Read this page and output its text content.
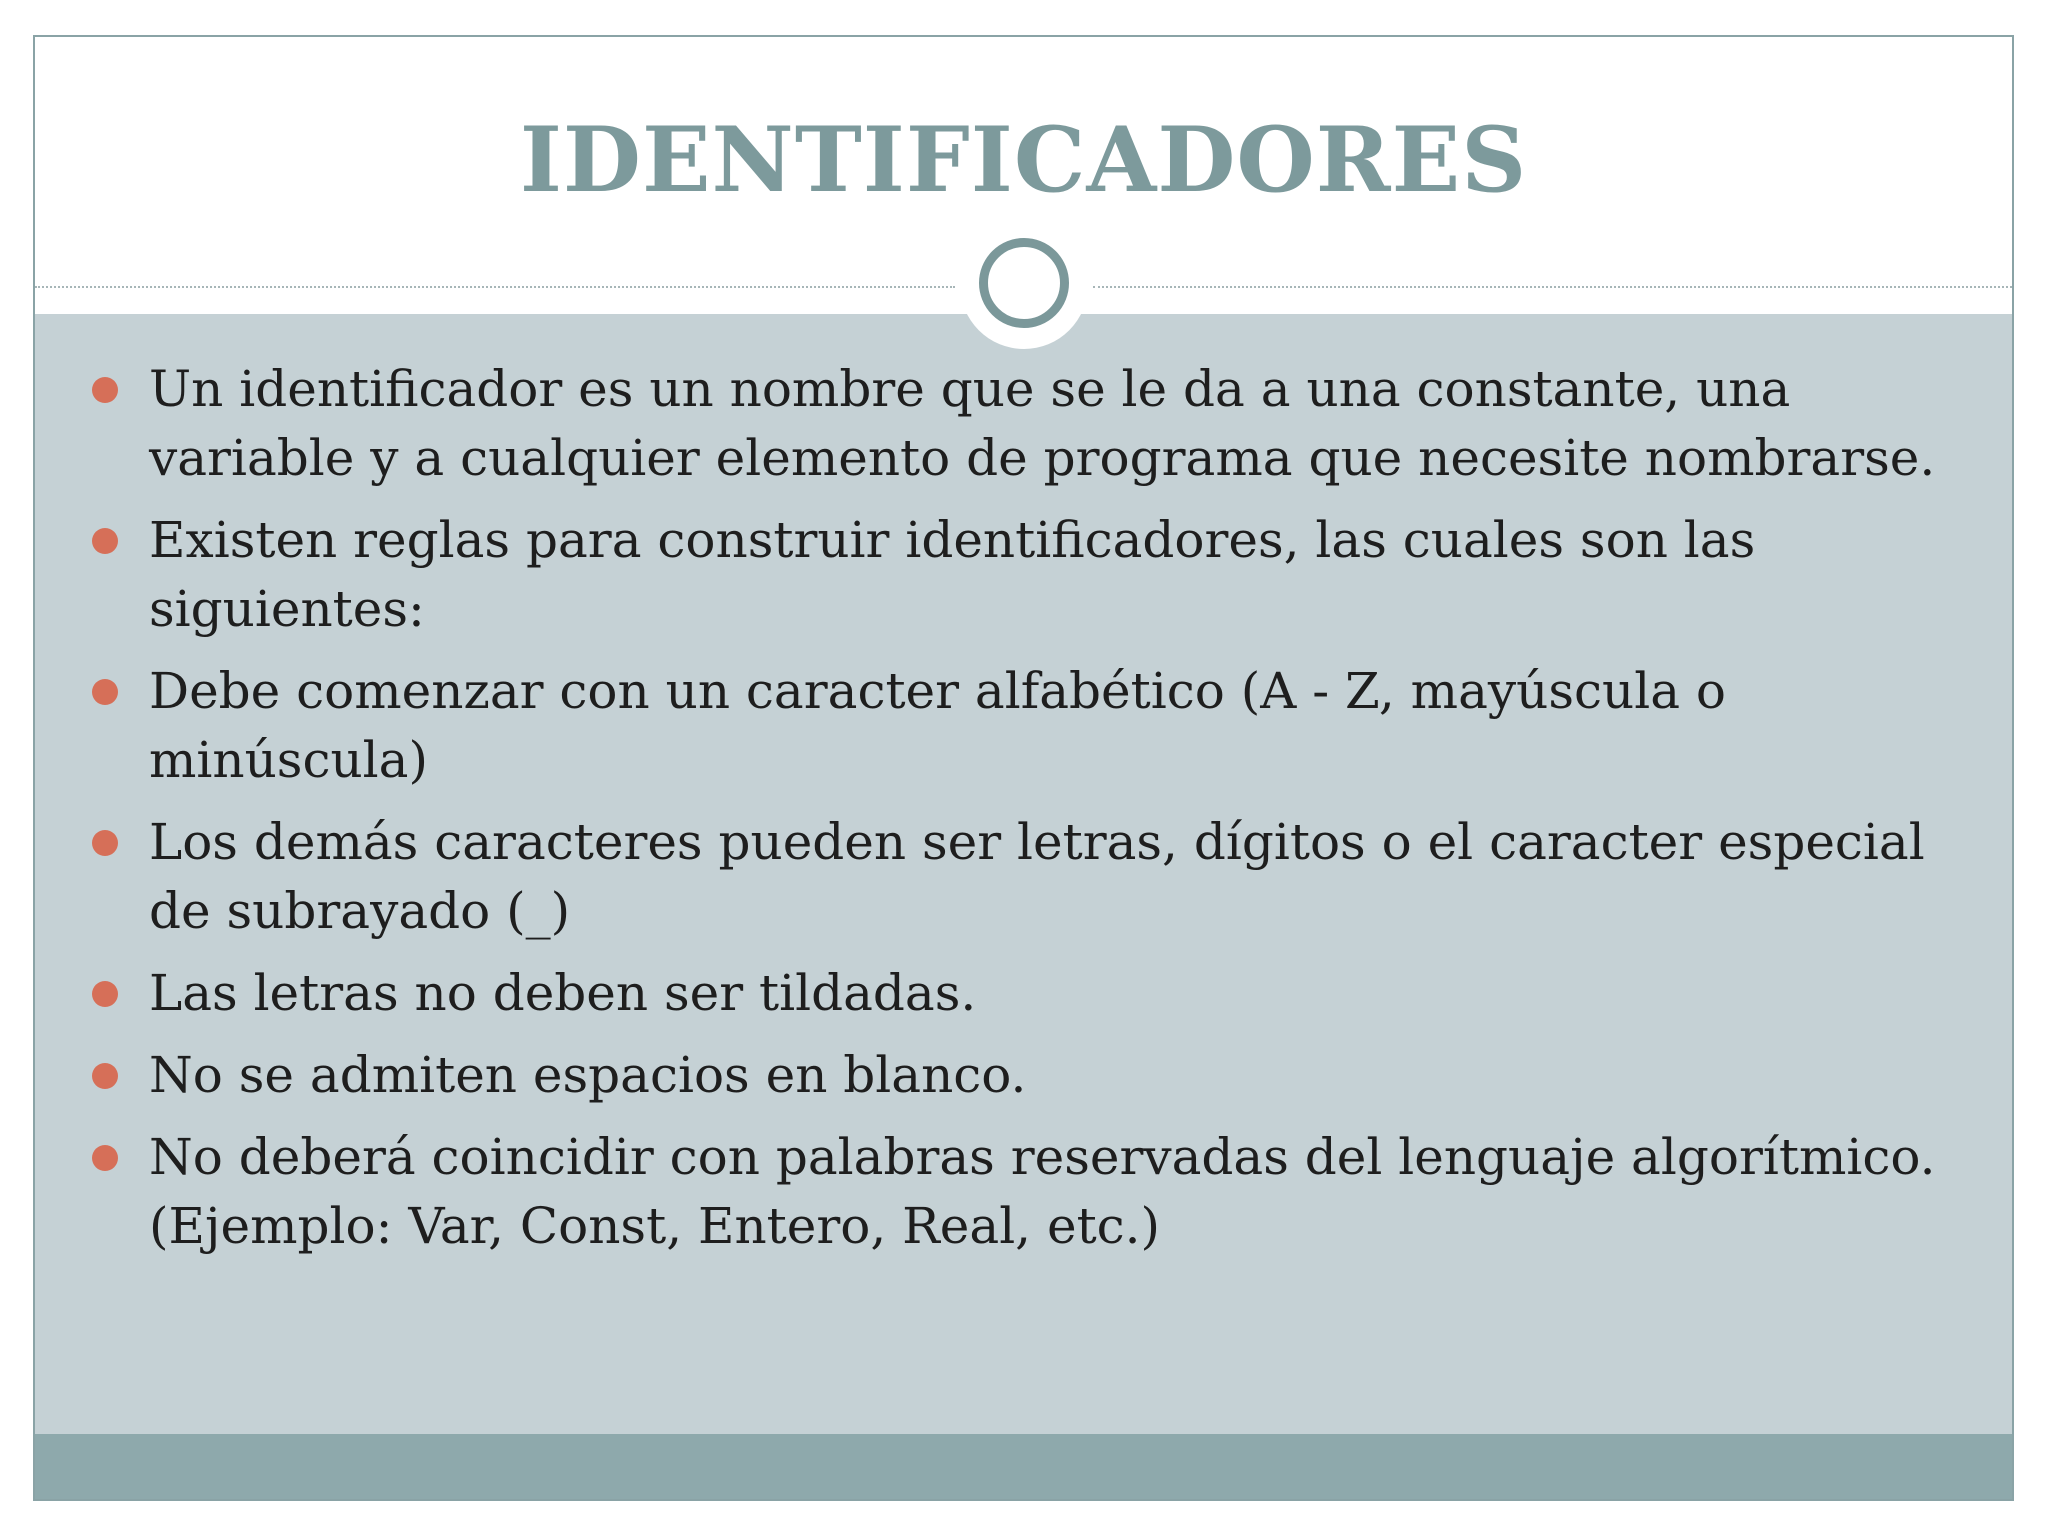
IDENTIFICADORES
Un identificador es un nombre que se le da a una constante, una variable y a cualquier elemento de programa que necesite nombrarse.
Existen reglas para construir identificadores, las cuales son las siguientes:
Debe comenzar con un caracter alfabético (A - Z, mayúscula o minúscula)
Los demás caracteres pueden ser letras, dígitos o el caracter especial de subrayado (_)
Las letras no deben ser tildadas.
No se admiten espacios en blanco.
No deberá coincidir con palabras reservadas del lenguaje algorítmico. (Ejemplo: Var, Const, Entero, Real, etc.)
